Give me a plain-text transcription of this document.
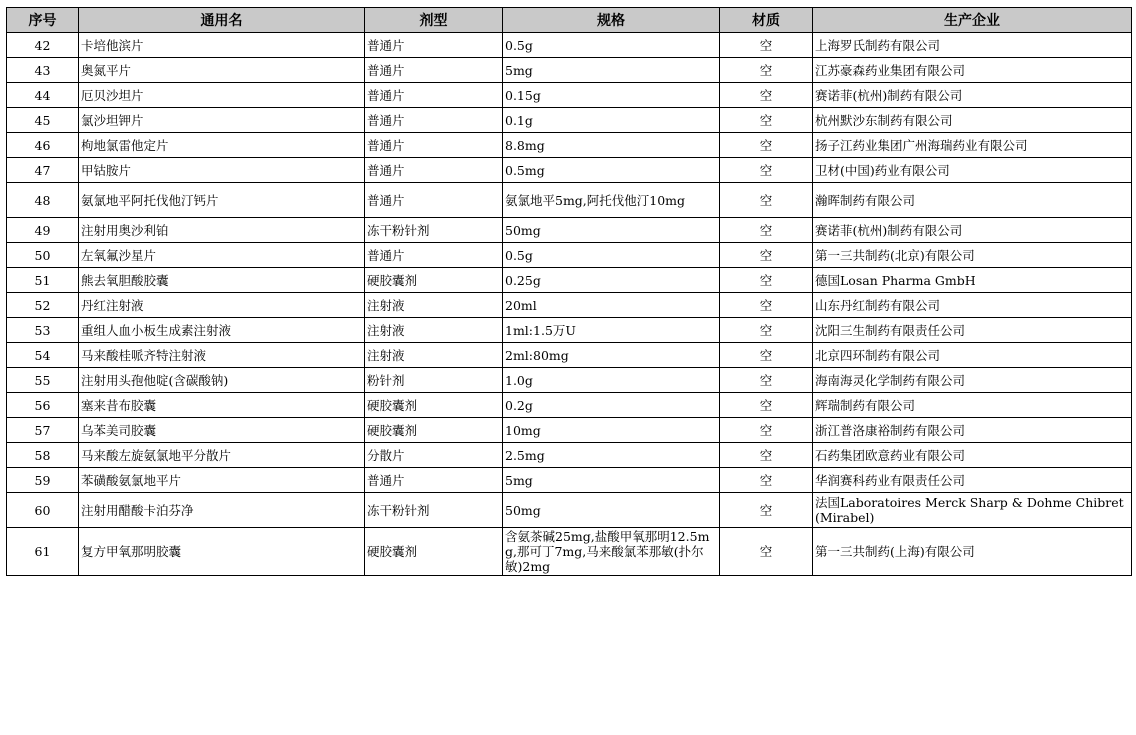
序号	通用名	剂型	规格	材质	生产企业
42	卡培他滨片	普通片	0.5g	空	上海罗氏制药有限公司
43	奥氮平片	普通片	5mg	空	江苏豪森药业集团有限公司
44	厄贝沙坦片	普通片	0.15g	空	赛诺菲(杭州)制药有限公司
45	氯沙坦钾片	普通片	0.1g	空	杭州默沙东制药有限公司
46	枸地氯雷他定片	普通片	8.8mg	空	扬子江药业集团广州海瑞药业有限公司
47	甲钴胺片	普通片	0.5mg	空	卫材(中国)药业有限公司
48	氨氯地平阿托伐他汀钙片	普通片	氨氯地平5mg,阿托伐他汀10mg	空	瀚晖制药有限公司
49	注射用奥沙利铂	冻干粉针剂	50mg	空	赛诺菲(杭州)制药有限公司
50	左氧氟沙星片	普通片	0.5g	空	第一三共制药(北京)有限公司
51	熊去氧胆酸胶囊	硬胶囊剂	0.25g	空	德国Losan Pharma GmbH
52	丹红注射液	注射液	20ml	空	山东丹红制药有限公司
53	重组人血小板生成素注射液	注射液	1ml:1.5万U	空	沈阳三生制药有限责任公司
54	马来酸桂哌齐特注射液	注射液	2ml:80mg	空	北京四环制药有限公司
55	注射用头孢他啶(含碳酸钠)	粉针剂	1.0g	空	海南海灵化学制药有限公司
56	塞来昔布胶囊	硬胶囊剂	0.2g	空	辉瑞制药有限公司
57	乌苯美司胶囊	硬胶囊剂	10mg	空	浙江普洛康裕制药有限公司
58	马来酸左旋氨氯地平分散片	分散片	2.5mg	空	石药集团欧意药业有限公司
59	苯磺酸氨氯地平片	普通片	5mg	空	华润赛科药业有限责任公司
60	注射用醋酸卡泊芬净	冻干粉针剂	50mg	空	法国Laboratoires Merck Sharp & Dohme Chibret (Mirabel)
61	复方甲氧那明胶囊	硬胶囊剂	含氨茶碱25mg,盐酸甲氧那明12.5mg,那可丁7mg,马来酸氯苯那敏(扑尔敏)2mg	空	第一三共制药(上海)有限公司
